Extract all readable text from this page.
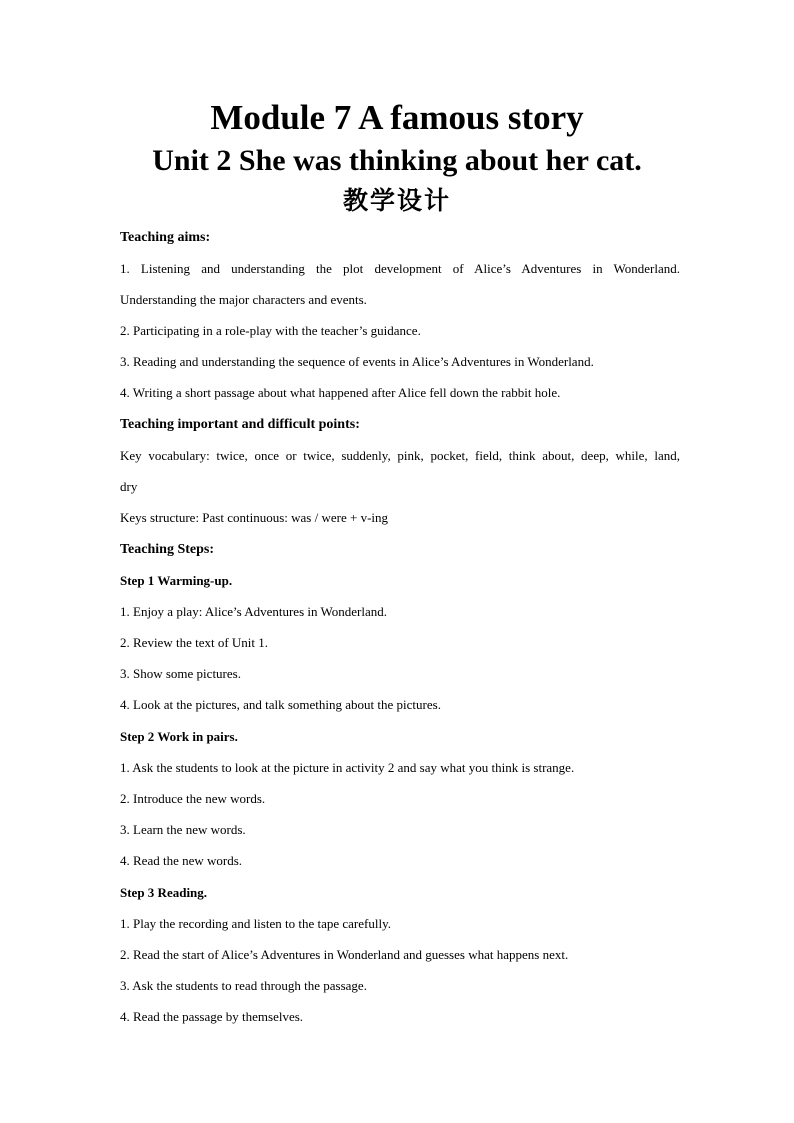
Module 7 A famous story
Unit 2 She was thinking about her cat.
教学设计
Teaching aims:
1. Listening and understanding the plot development of Alice’s Adventures in Wonderland.
Understanding the major characters and events.
2. Participating in a role-play with the teacher’s guidance.
3. Reading and understanding the sequence of events in Alice’s Adventures in Wonderland.
4. Writing a short passage about what happened after Alice fell down the rabbit hole.
Teaching important and difficult points:
Key vocabulary: twice, once or twice, suddenly, pink, pocket, field, think about, deep, while, land,
dry
Keys structure: Past continuous: was / were + v-ing
Teaching Steps:
Step 1 Warming-up.
1. Enjoy a play: Alice’s Adventures in Wonderland.
2. Review the text of Unit 1.
3. Show some pictures.
4. Look at the pictures, and talk something about the pictures.
Step 2 Work in pairs.
1. Ask the students to look at the picture in activity 2 and say what you think is strange.
2. Introduce the new words.
3. Learn the new words.
4. Read the new words.
Step 3 Reading.
1. Play the recording and listen to the tape carefully.
2. Read the start of Alice’s Adventures in Wonderland and guesses what happens next.
3. Ask the students to read through the passage.
4. Read the passage by themselves.
